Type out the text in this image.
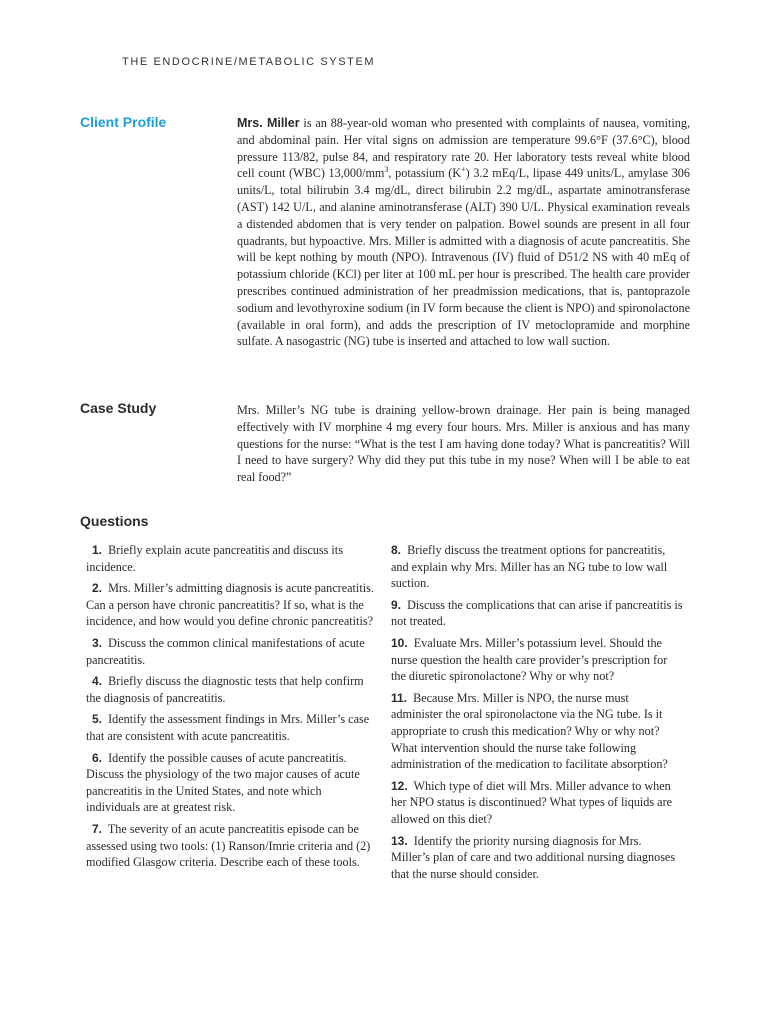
THE ENDOCRINE/METABOLIC SYSTEM
Client Profile	Mrs. Miller is an 88-year-old woman who presented with complaints of nausea, vomiting, and abdominal pain. Her vital signs on admission are temperature 99.6°F (37.6°C), blood pressure 113/82, pulse 84, and respiratory rate 20. Her laboratory tests reveal white blood cell count (WBC) $13,000/mm^3$, potassium (K+) 3.2 mEq/L, lipase 449 units/L, amylase 306 units/L, total bilirubin 3.4 mg/dL, direct bilirubin 2.2 mg/dL, aspartate aminotransferase (AST) 142 U/L, and alanine aminotransferase (ALT) 390 U/L. Physical examination reveals a distended abdomen that is very tender on palpation. Bowel sounds are present in all four quadrants, but hypoactive. Mrs. Miller is admitted with a diagnosis of acute pancreatitis. She will be kept nothing by mouth (NPO). Intravenous (IV) fluid of D51/2 NS with 40 mEq of potassium chloride (KCl) per liter at 100 mL per hour is prescribed. The health care provider prescribes continued administration of her preadmission medications, that is, pantoprazole sodium and levothyroxine sodium (in IV form because the client is NPO) and spironolactone (available in oral form), and adds the prescription of IV metoclopramide and morphine sulfate. A nasogastric (NG) tube is inserted and attached to low wall suction.

Case Study	Mrs. Miller’s NG tube is draining yellow-brown drainage. Her pain is being managed effectively with IV morphine 4 mg every four hours. Mrs. Miller is anxious and has many questions for the nurse: “What is the test I am having done today? What is pancreatitis? Will I need to have surgery? Why did they put this tube in my nose? When will I be able to eat real food?”

Questions

1. Briefly explain acute pancreatitis and discuss its incidence.

2. Mrs. Miller’s admitting diagnosis is acute pancreatitis. Can a person have chronic pancreatitis? If so, what is the incidence, and how would you define chronic pancreatitis?

3. Discuss the common clinical manifestations of acute pancreatitis.

4. Briefly discuss the diagnostic tests that help confirm the diagnosis of pancreatitis.

5. Identify the assessment findings in Mrs. Miller’s case that are consistent with acute pancreatitis.

6. Identify the possible causes of acute pancreatitis. Discuss the physiology of the two major causes of acute pancreatitis in the United States, and note which individuals are at greatest risk.

7. The severity of an acute pancreatitis episode can be assessed using two tools: (1) Ranson/Imrie criteria and (2) modified Glasgow criteria. Describe each of these tools.

8. Briefly discuss the treatment options for pancreatitis, and explain why Mrs. Miller has an NG tube to low wall suction.

9. Discuss the complications that can arise if pancreatitis is not treated.

10. Evaluate Mrs. Miller’s potassium level. Should the nurse question the health care provider’s prescription for the diuretic spironolactone? Why or why not?

11. Because Mrs. Miller is NPO, the nurse must administer the oral spironolactone via the NG tube. Is it appropriate to crush this medication? Why or why not? What intervention should the nurse take following administration of the medication to facilitate absorption?

12. Which type of diet will Mrs. Miller advance to when her NPO status is discontinued? What types of liquids are allowed on this diet?

13. Identify the priority nursing diagnosis for Mrs. Miller’s plan of care and two additional nursing diagnoses that the nurse should consider.
